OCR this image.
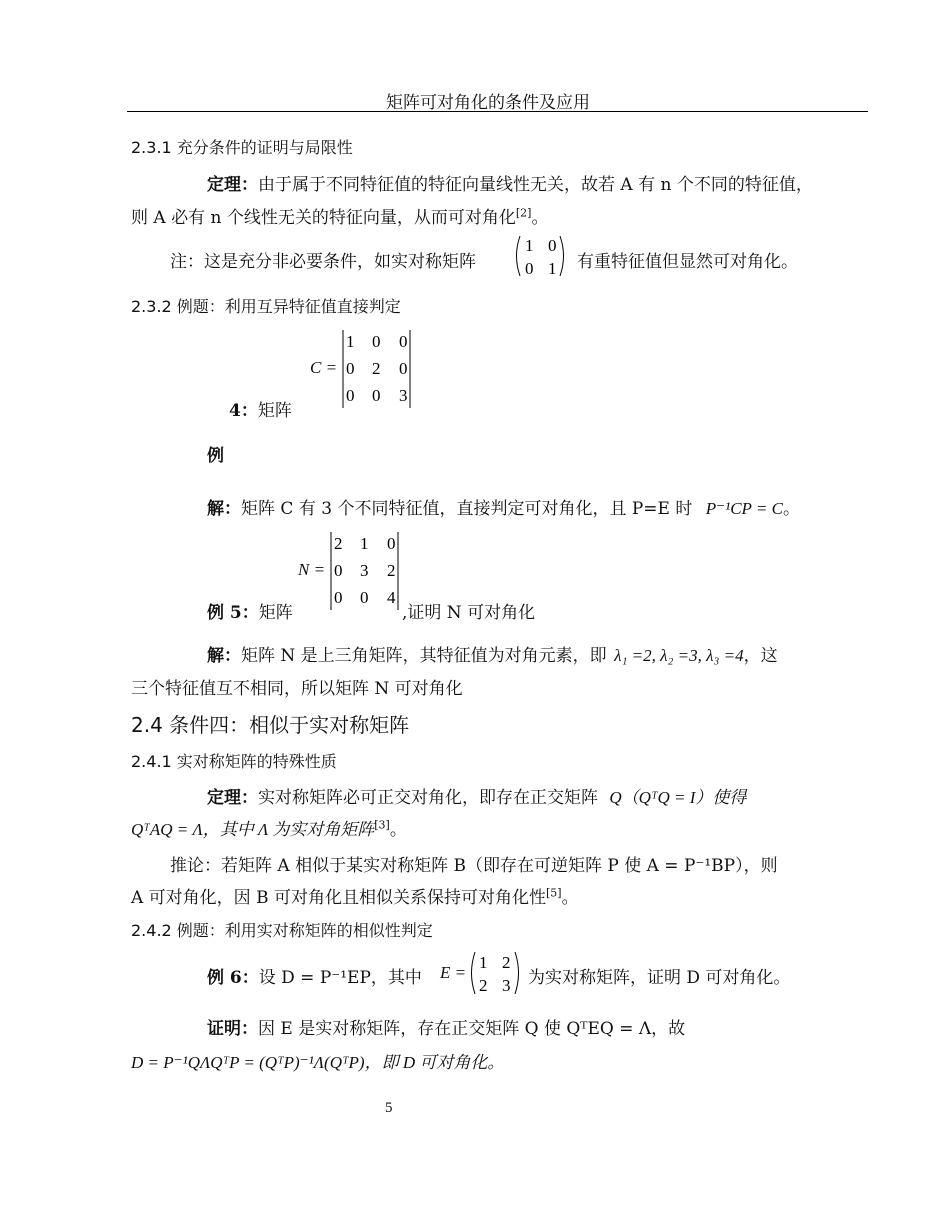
矩阵可对角化的条件及应用
2.3.1 充分条件的证明与局限性
定理：由于属于不同特征值的特征向量线性无关，故若 A 有 n 个不同的特征值，
则 A 必有 n 个线性无关的特征向量，从而可对角化[2]。
注：这是充分非必要条件，如实对称矩阵
1 0
0 1 有重特征值但显然可对角化。
2.3.2 例题：利用互异特征值直接判定
C =
1 0 0
0 2 0
0 0 3
4：矩阵
例
解：矩阵 C 有 3 个不同特征值，直接判定可对角化，且 P=E 时 P⁻¹CP = C。
N =
2 1 0
0 3 2
0 0 4
例 5：矩阵	,证明 N 可对角化
解：矩阵 N 是上三角矩阵，其特征值为对角元素，即 λ₁ =2, λ₂ =3, λ₃ =4，这
三个特征值互不相同，所以矩阵 N 可对角化
2.4 条件四：相似于实对称矩阵
2.4.1 实对称矩阵的特殊性质
定理：实对称矩阵必可正交对角化，即存在正交矩阵 Q（QᵀQ = I）使得
QᵀAQ = Λ，其中 Λ 为实对角矩阵[3]。
推论：若矩阵 A 相似于某实对称矩阵 B（即存在可逆矩阵 P 使 A = P⁻¹BP），则
A 可对角化，因 B 可对角化且相似关系保持可对角化性[5]。
2.4.2 例题：利用实对称矩阵的相似性判定
例 6：设 D = P⁻¹EP，其中 E =
1 2
2 3 为实对称矩阵，证明 D 可对角化。
证明：因 E 是实对称矩阵，存在正交矩阵 Q 使 QᵀEQ = Λ，故
D = P⁻¹QΛQᵀP = (QᵀP)⁻¹Λ(QᵀP)，即 D 可对角化。
5
